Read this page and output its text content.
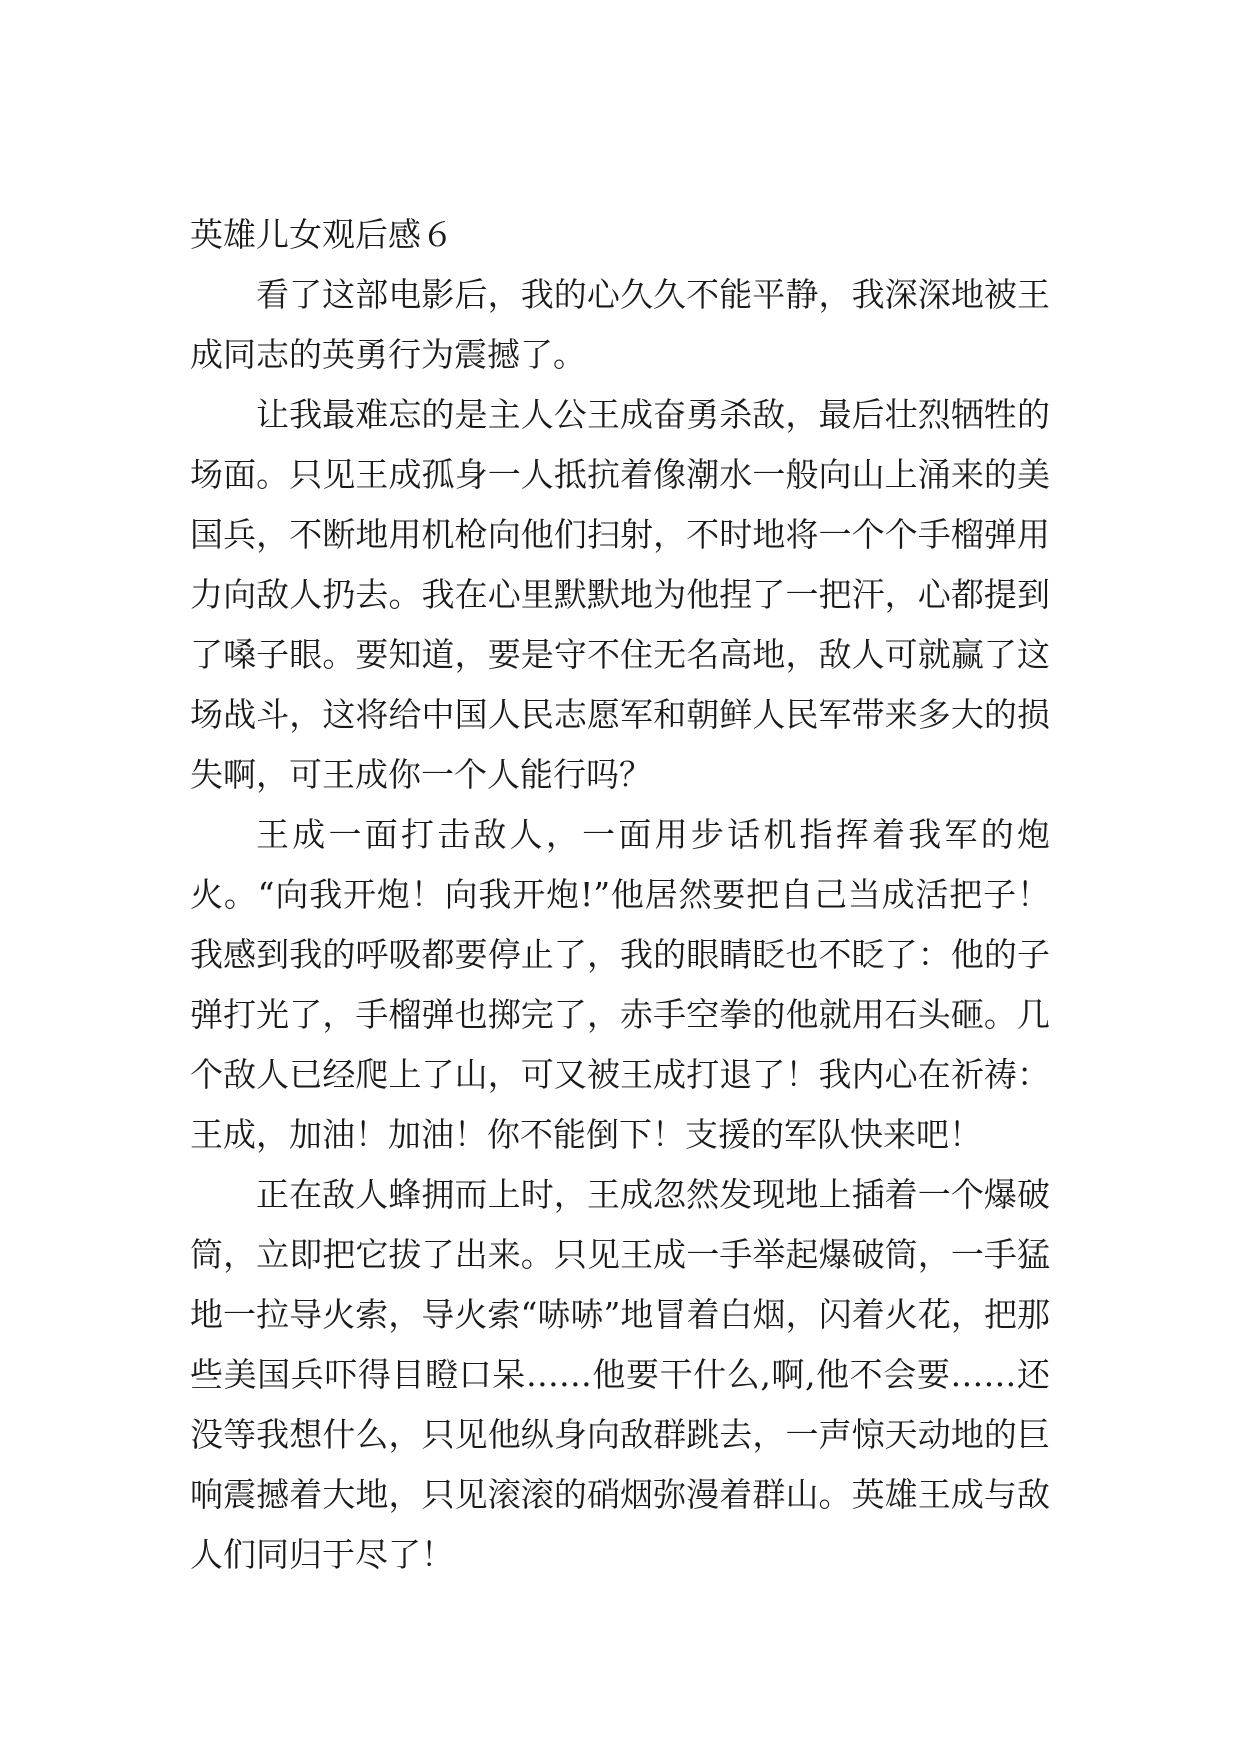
英雄儿女观后感６

看了这部电影后，我的心久久不能平静，我深深地被王成同志的英勇行为震撼了。

让我最难忘的是主人公王成奋勇杀敌，最后壮烈牺牲的场面。只见王成孤身一人抵抗着像潮水一般向山上涌来的美国兵，不断地用机枪向他们扫射，不时地将一个个手榴弹用力向敌人扔去。我在心里默默地为他捏了一把汗，心都提到了嗓子眼。要知道，要是守不住无名高地，敌人可就赢了这场战斗，这将给中国人民志愿军和朝鲜人民军带来多大的损失啊，可王成你一个人能行吗？

王成一面打击敌人，一面用步话机指挥着我军的炮火。“向我开炮！向我开炮!”他居然要把自己当成活把子！我感到我的呼吸都要停止了，我的眼睛眨也不眨了：他的子弹打光了，手榴弹也掷完了，赤手空拳的他就用石头砸。几个敌人已经爬上了山，可又被王成打退了！我内心在祈祷：王成，加油！加油！你不能倒下！支援的军队快来吧！

正在敌人蜂拥而上时，王成忽然发现地上插着一个爆破筒，立即把它拔了出来。只见王成一手举起爆破筒，一手猛地一拉导火索，导火索“哧哧”地冒着白烟，闪着火花，把那些美国兵吓得目瞪口呆……他要干什么,啊,他不会要……还没等我想什么，只见他纵身向敌群跳去，一声惊天动地的巨响震撼着大地，只见滚滚的硝烟弥漫着群山。英雄王成与敌人们同归于尽了！
